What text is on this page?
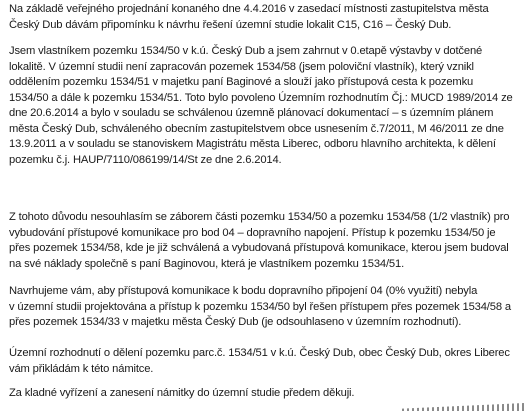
Na základě veřejného projednání konaného dne 4.4.2016 v zasedací místnosti zastupitelstva města
Český Dub dávám připomínku k návrhu řešení územní studie lokalit C15, C16 – Český Dub.

Jsem vlastníkem pozemku 1534/50 v k.ú. Český Dub a jsem zahrnut v 0.etapě výstavby v dotčené
lokalitě. V územní studii není zapracován pozemek 1534/58 (jsem poloviční vlastník), který vznikl
oddělením pozemku 1534/51 v majetku paní Baginové a slouží jako přístupová cesta k pozemku
1534/50 a dále k pozemku 1534/51. Toto bylo povoleno Územním rozhodnutím Čj.: MUCD 1989/2014 ze
dne 20.6.2014 a bylo v souladu se schválenou územně plánovací dokumentací – s územním plánem
města Český Dub, schváleného obecním zastupitelstvem obce usnesením č.7/2011, M 46/2011 ze dne
13.9.2011 a v souladu se stanoviskem Magistrátu města Liberec, odboru hlavního architekta, k dělení
pozemku č.j. HAUP/7110/086199/14/St ze dne 2.6.2014.

Z tohoto důvodu nesouhlasím se záborem části pozemku 1534/50 a pozemku 1534/58 (1/2 vlastník) pro
vybudování přístupové komunikace pro bod 04 – dopravního napojení. Přístup k pozemku 1534/50 je
přes pozemek 1534/58, kde je již schválená a vybudovaná přístupová komunikace, kterou jsem budoval
na své náklady společně s paní Baginovou, která je vlastníkem pozemku 1534/51.

Navrhujeme vám, aby přístupová komunikace k bodu dopravního připojení 04 (0% využití) nebyla
v územní studii projektována a přístup k pozemku 1534/50 byl řešen přístupem přes pozemek 1534/58 a
přes pozemek 1534/33 v majetku města Český Dub (je odsouhlaseno v územním rozhodnutí).

Územní rozhodnutí o dělení pozemku parc.č. 1534/51 v k.ú. Český Dub, obec Český Dub, okres Liberec
vám přikládám k této námitce.

Za kladné vyřízení a zanesení námitky do územní studie předem děkuji.
